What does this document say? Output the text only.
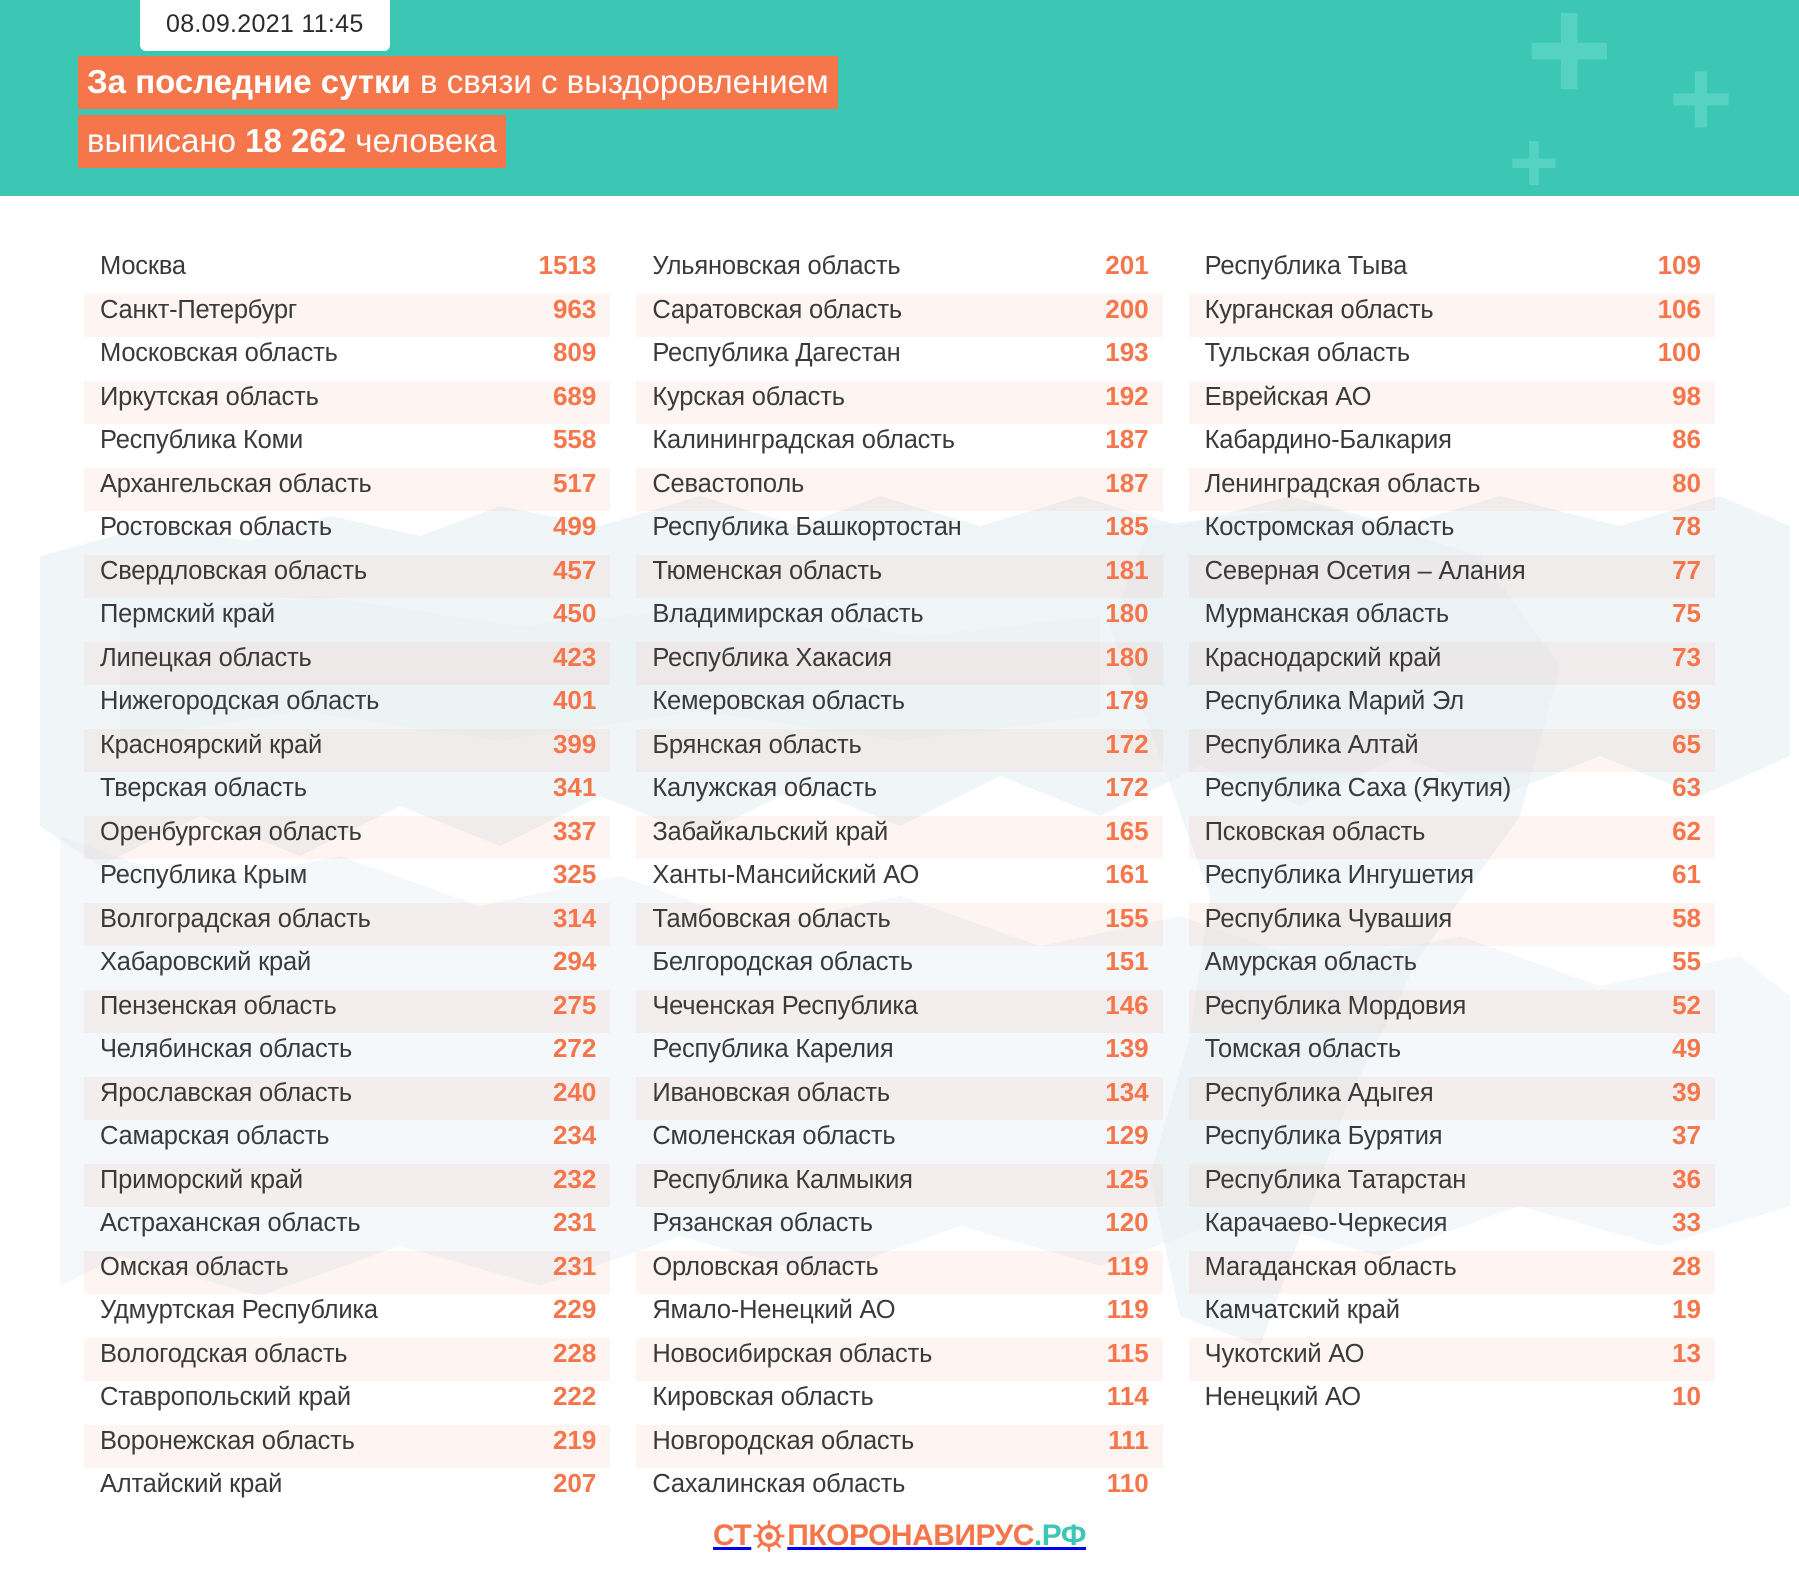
+ +
+
08.09.2021 11:45
За последние сутки в связи с выздоровлением
выписано 18 262 человека
Москва	1513
Санкт-Петербург	963
Московская область	809
Иркутская область	689
Республика Коми	558
Архангельская область	517
Ростовская область	499
Свердловская область	457
Пермский край	450
Липецкая область	423
Нижегородская область	401
Красноярский край	399
Тверская область	341
Оренбургская область	337
Республика Крым	325
Волгоградская область	314
Хабаровский край	294
Пензенская область	275
Челябинская область	272
Ярославская область	240
Самарская область	234
Приморский край	232
Астраханская область	231
Омская область	231
Удмуртская Республика	229
Вологодская область	228
Ставропольский край	222
Воронежская область	219
Алтайский край	207
Ульяновская область	201
Саратовская область	200
Республика Дагестан	193
Курская область	192
Калининградская область	187
Севастополь	187
Республика Башкортостан	185
Тюменская область	181
Владимирская область	180
Республика Хакасия	180
Кемеровская область	179
Брянская область	172
Калужская область	172
Забайкальский край	165
Ханты-Мансийский АО	161
Тамбовская область	155
Белгородская область	151
Чеченская Республика	146
Республика Карелия	139
Ивановская область	134
Смоленская область	129
Республика Калмыкия	125
Рязанская область	120
Орловская область	119
Ямало-Ненецкий АО	119
Новосибирская область	115
Кировская область	114
Новгородская область	111
Сахалинская область	110
Республика Тыва	109
Курганская область	106
Тульская область	100
Еврейская АО	98
Кабардино-Балкария	86
Ленинградская область	80
Костромская область	78
Северная Осетия – Алания	77
Мурманская область	75
Краснодарский край	73
Республика Марий Эл	69
Республика Алтай	65
Республика Саха (Якутия)	63
Псковская область	62
Республика Ингушетия	61
Республика Чувашия	58
Амурская область	55
Республика Мордовия	52
Томская область	49
Республика Адыгея	39
Республика Бурятия	37
Республика Татарстан	36
Карачаево-Черкесия	33
Магаданская область	28
Камчатский край	19
Чукотский АО	13
Ненецкий АО	10
СТ ПКОРОНАВИРУС .РФ
